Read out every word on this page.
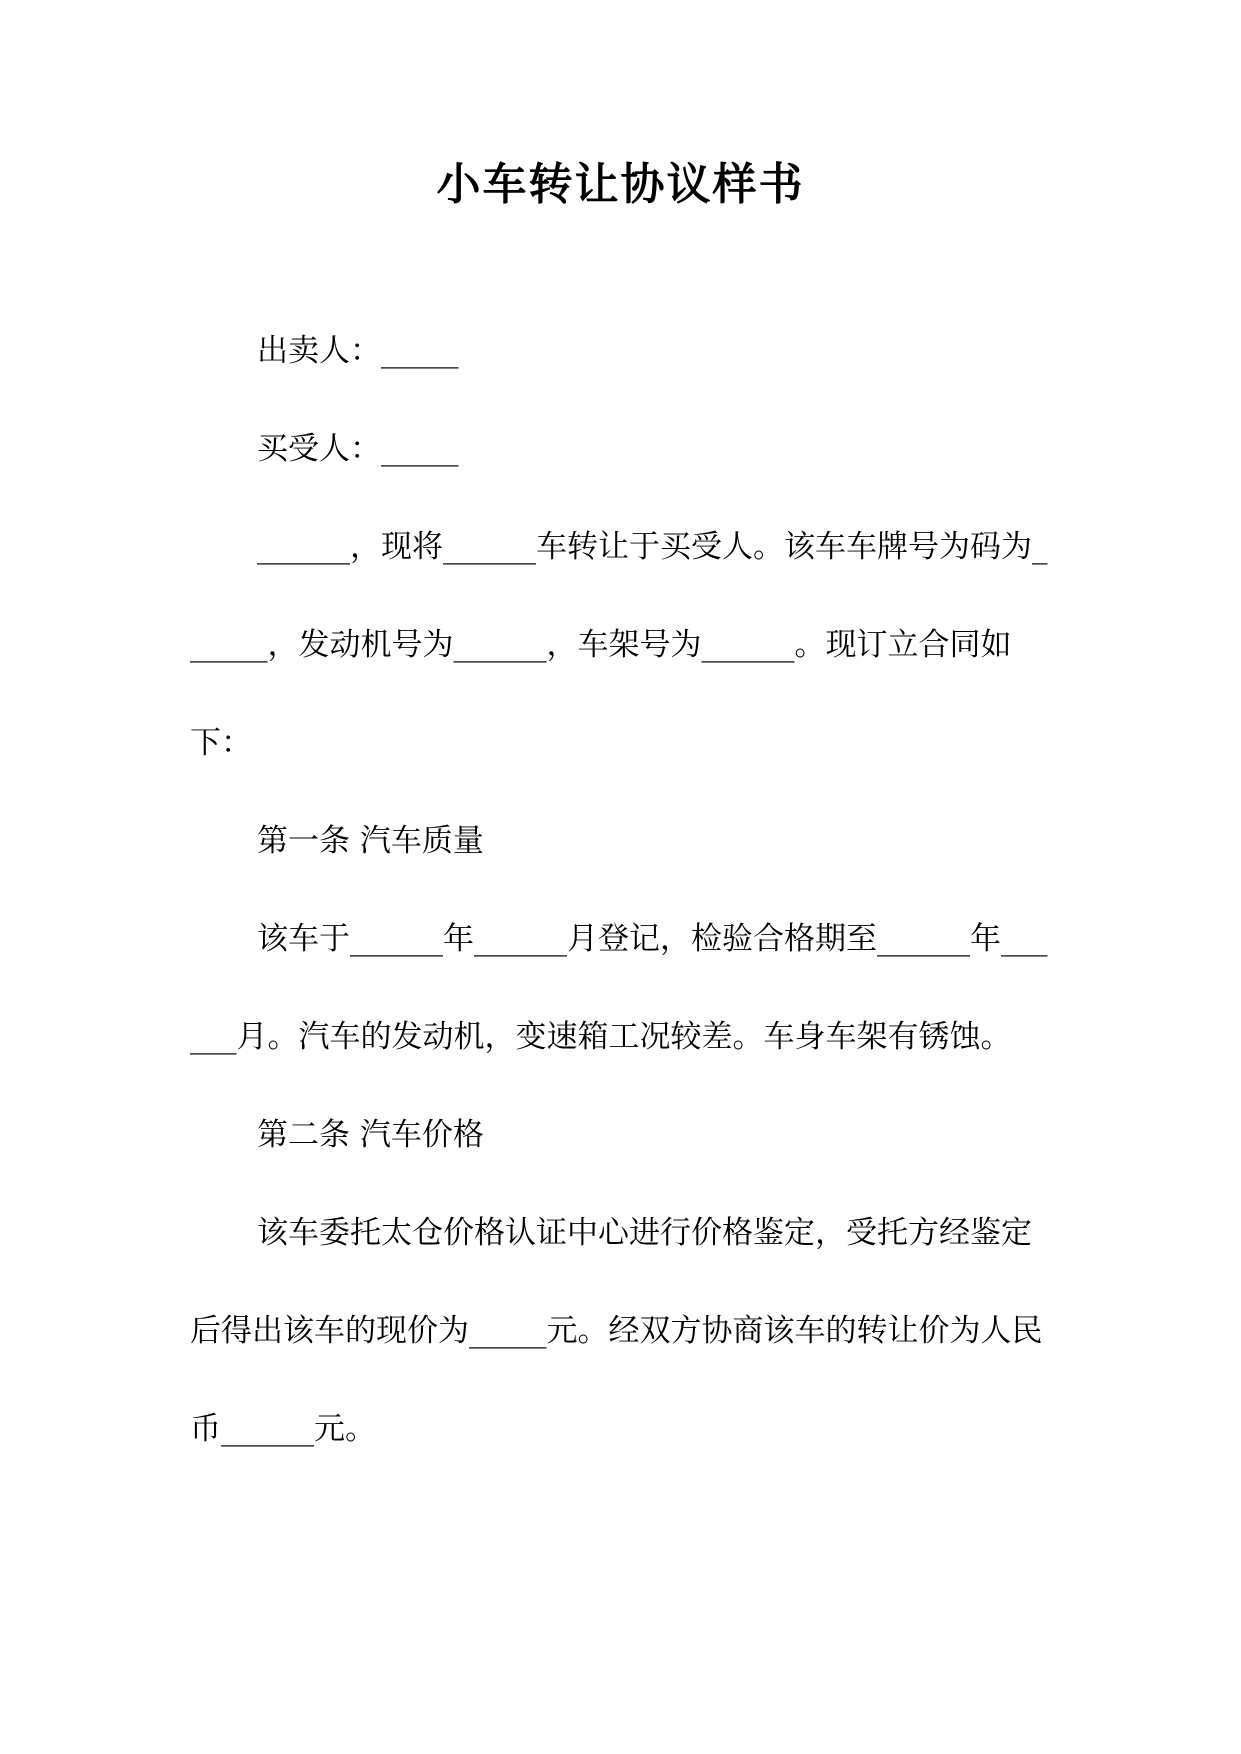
小车转让协议样书

出卖人：_____

买受人：_____

______，现将______车转让于买受人。该车车牌号为码为______，发动机号为______，车架号为______。现订立合同如下：

第一条 汽车质量

该车于______年______月登记，检验合格期至______年______月。汽车的发动机，变速箱工况较差。车身车架有锈蚀。

第二条 汽车价格

该车委托太仓价格认证中心进行价格鉴定，受托方经鉴定后得出该车的现价为_____元。经双方协商该车的转让价为人民币______元。
